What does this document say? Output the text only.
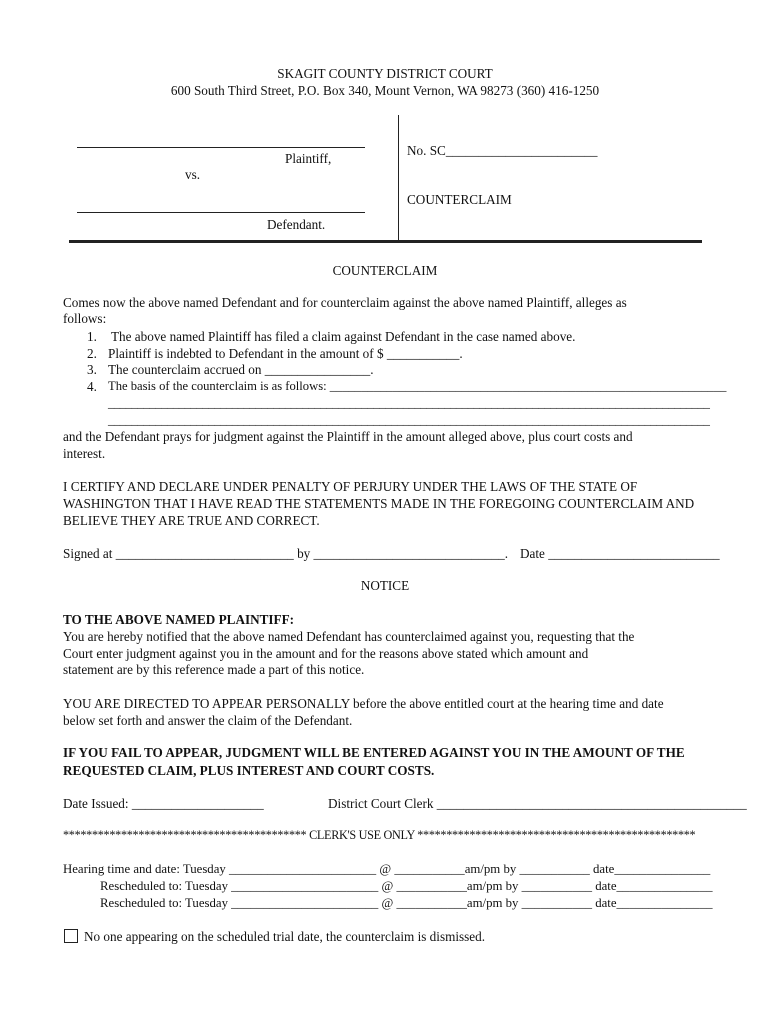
SKAGIT COUNTY DISTRICT COURT
600 South Third Street, P.O. Box 340, Mount Vernon, WA 98273 (360) 416-1250
Plaintiff,
vs.
Defendant.
No. SC_______________________
COUNTERCLAIM
COUNTERCLAIM
Comes now the above named Defendant and for counterclaim against the above named Plaintiff, alleges as
follows:
1. The above named Plaintiff has filed a claim against Defendant in the case named above.
2. Plaintiff is indebted to Defendant in the amount of $ ___________.
3. The counterclaim accrued on ________________.
4. The basis of the counterclaim is as follows: _______________________________________________________________
______________________________________________________________________________________________________
______________________________________________________________________________________________________
and the Defendant prays for judgment against the Plaintiff in the amount alleged above, plus court costs and
interest.
I CERTIFY AND DECLARE UNDER PENALTY OF PERJURY UNDER THE LAWS OF THE STATE OF
WASHINGTON THAT I HAVE READ THE STATEMENTS MADE IN THE FOREGOING COUNTERCLAIM AND
BELIEVE THEY ARE TRUE AND CORRECT.
Signed at ___________________________ by _____________________________. Date __________________________
NOTICE
TO THE ABOVE NAMED PLAINTIFF:
You are hereby notified that the above named Defendant has counterclaimed against you, requesting that the
Court enter judgment against you in the amount and for the reasons above stated which amount and
statement are by this reference made a part of this notice.
YOU ARE DIRECTED TO APPEAR PERSONALLY before the above entitled court at the hearing time and date
below set forth and answer the claim of the Defendant.
IF YOU FAIL TO APPEAR, JUDGMENT WILL BE ENTERED AGAINST YOU IN THE AMOUNT OF THE
REQUESTED CLAIM, PLUS INTEREST AND COURT COSTS.
Date Issued: ____________________	District Court Clerk _______________________________________________
****************************************** CLERK'S USE ONLY ************************************************
Hearing time and date: Tuesday _______________________ @ ___________am/pm by ___________ date_______________
Rescheduled to: Tuesday _______________________ @ ___________am/pm by ___________ date_______________
Rescheduled to: Tuesday _______________________ @ ___________am/pm by ___________ date_______________
No one appearing on the scheduled trial date, the counterclaim is dismissed.
